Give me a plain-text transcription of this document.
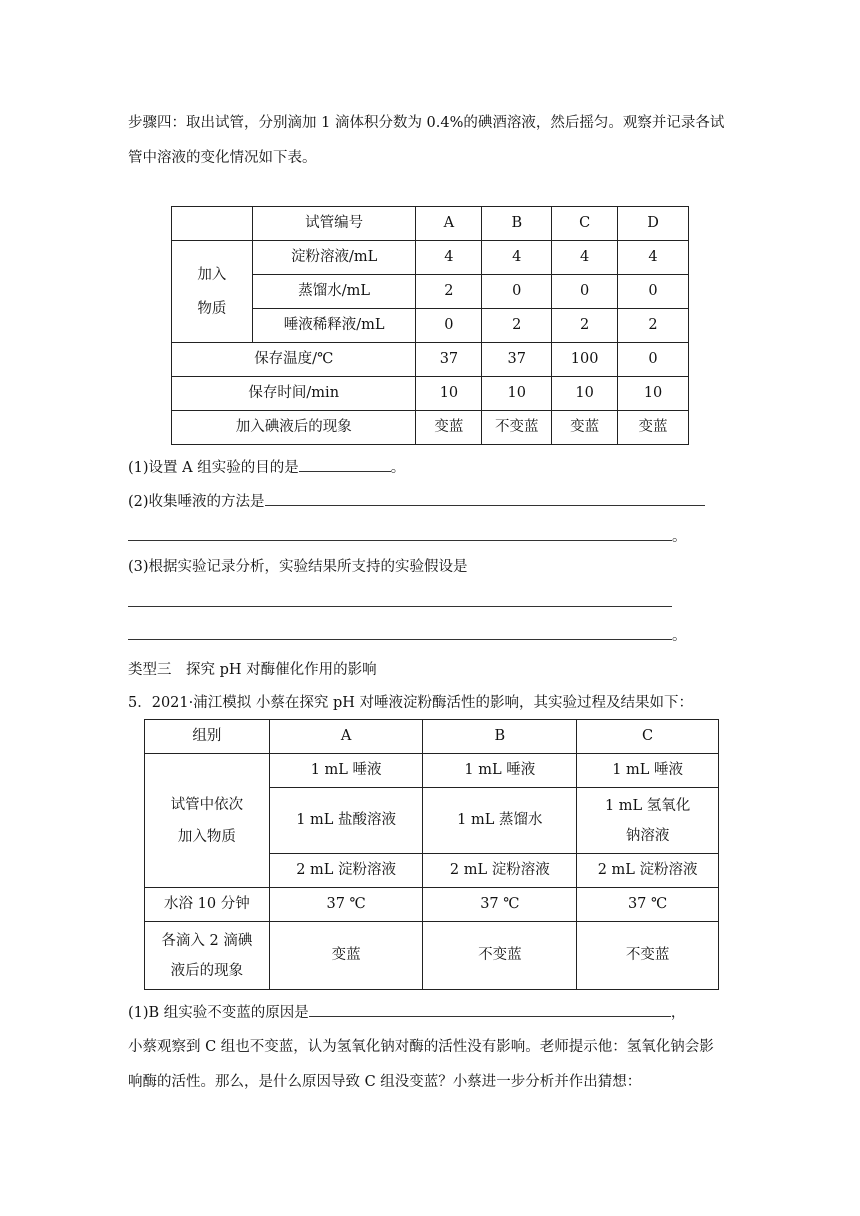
步骤四：取出试管，分别滴加 1 滴体积分数为 0.4%的碘酒溶液，然后摇匀。观察并记录各试
管中溶液的变化情况如下表。
	试管编号	A	B	C	D

加入
物质	淀粉溶液/mL	4	4	4	4
	蒸馏水/mL	2	0	0	0
	唾液稀释液/mL	0	2	2	2
保存温度/℃		37	37	100	0
保存时间/min		10	10	10	10
加入碘液后的现象		变蓝	不变蓝	变蓝	变蓝
(1)设置 A 组实验的目的是	。
(2)收集唾液的方法是
。
(3)根据实验记录分析，实验结果所支持的实验假设是
。
类型三　探究 pH 对酶催化作用的影响
5．2021·浦江模拟 小蔡在探究 pH 对唾液淀粉酶活性的影响，其实验过程及结果如下：
组别	A	B	C

试管中依次
加入物质	1 mL 唾液	1 mL 唾液	1 mL 唾液
	1 mL 盐酸溶液	1 mL 蒸馏水	1 mL 氢氧化
钠溶液

	2 mL 淀粉溶液	2 mL 淀粉溶液	2 mL 淀粉溶液
水浴 10 分钟	37 ℃	37 ℃	37 ℃

各滴入 2 滴碘
液后的现象	变蓝	不变蓝	不变蓝
(1)B 组实验不变蓝的原因是	，
小蔡观察到 C 组也不变蓝，认为氢氧化钠对酶的活性没有影响。老师提示他：氢氧化钠会影
响酶的活性。那么，是什么原因导致 C 组没变蓝？小蔡进一步分析并作出猜想：
